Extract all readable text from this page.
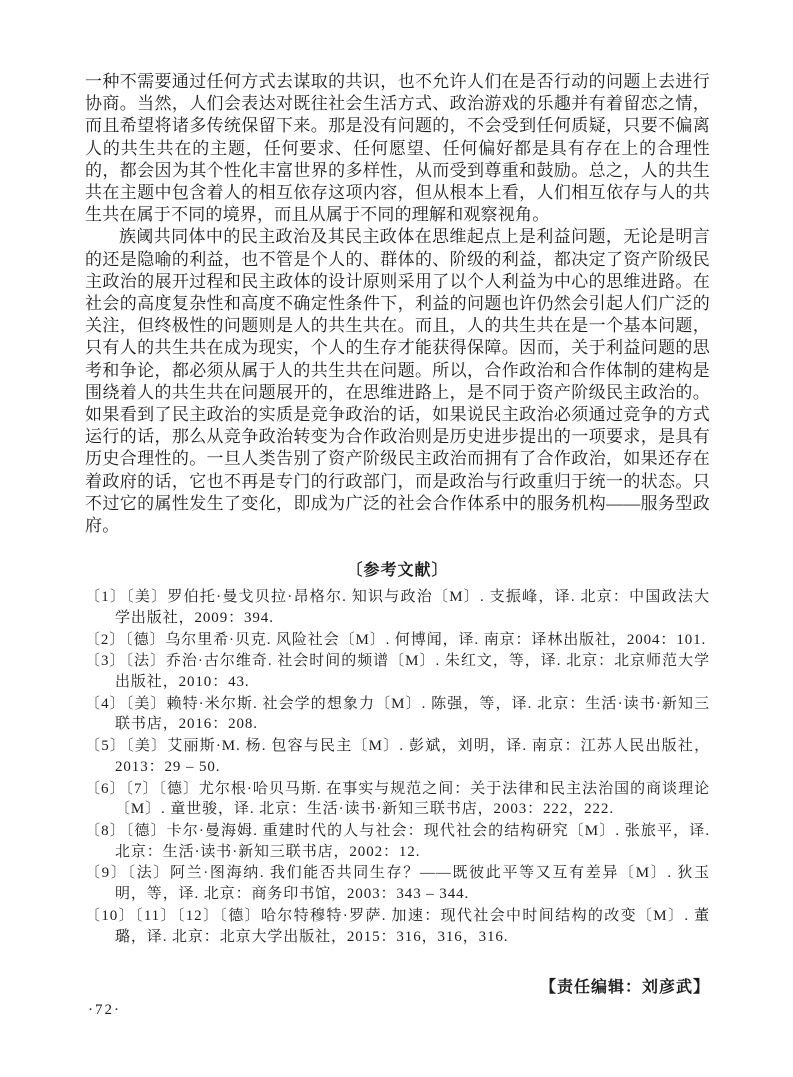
一种不需要通过任何方式去谋取的共识，也不允许人们在是否行动的问题上去进行协商。当然，人们会表达对既往社会生活方式、政治游戏的乐趣并有着留恋之情，而且希望将诸多传统保留下来。那是没有问题的，不会受到任何质疑，只要不偏离人的共生共在的主题，任何要求、任何愿望、任何偏好都是具有存在上的合理性的，都会因为其个性化丰富世界的多样性，从而受到尊重和鼓励。总之，人的共生共在主题中包含着人的相互依存这项内容，但从根本上看，人们相互依存与人的共生共在属于不同的境界，而且从属于不同的理解和观察视角。

族阈共同体中的民主政治及其民主政体在思维起点上是利益问题，无论是明言的还是隐喻的利益，也不管是个人的、群体的、阶级的利益，都决定了资产阶级民主政治的展开过程和民主政体的设计原则采用了以个人利益为中心的思维进路。在社会的高度复杂性和高度不确定性条件下，利益的问题也许仍然会引起人们广泛的关注，但终极性的问题则是人的共生共在。而且，人的共生共在是一个基本问题，只有人的共生共在成为现实，个人的生存才能获得保障。因而，关于利益问题的思考和争论，都必须从属于人的共生共在问题。所以，合作政治和合作体制的建构是围绕着人的共生共在问题展开的，在思维进路上，是不同于资产阶级民主政治的。如果看到了民主政治的实质是竞争政治的话，如果说民主政治必须通过竞争的方式运行的话，那么从竞争政治转变为合作政治则是历史进步提出的一项要求，是具有历史合理性的。一旦人类告别了资产阶级民主政治而拥有了合作政治，如果还存在着政府的话，它也不再是专门的行政部门，而是政治与行政重归于统一的状态。只不过它的属性发生了变化，即成为广泛的社会合作体系中的服务机构——服务型政府。

〔参考文献〕
〔1〕〔美〕罗伯托·曼戈贝拉·昂格尔. 知识与政治〔M〕. 支振峰，译. 北京：中国政法大学出版社，2009：394.
〔2〕〔德〕乌尔里希·贝克. 风险社会〔M〕. 何博闻，译. 南京：译林出版社，2004：101.
〔3〕〔法〕乔治·古尔维奇. 社会时间的频谱〔M〕. 朱红文，等，译. 北京：北京师范大学出版社，2010：43.
〔4〕〔美〕赖特·米尔斯. 社会学的想象力〔M〕. 陈强，等，译. 北京：生活·读书·新知三联书店，2016：208.
〔5〕〔美〕艾丽斯·M. 杨. 包容与民主〔M〕. 彭斌，刘明，译. 南京：江苏人民出版社，2013：29 – 50.
〔6〕〔7〕〔德〕尤尔根·哈贝马斯. 在事实与规范之间：关于法律和民主法治国的商谈理论〔M〕. 童世骏，译. 北京：生活·读书·新知三联书店，2003：222，222.
〔8〕〔德〕卡尔·曼海姆. 重建时代的人与社会：现代社会的结构研究〔M〕. 张旅平，译. 北京：生活·读书·新知三联书店，2002：12.
〔9〕〔法〕阿兰·图海纳. 我们能否共同生存？——既彼此平等又互有差异〔M〕. 狄玉明，等，译. 北京：商务印书馆，2003：343 – 344.
〔10〕〔11〕〔12〕〔德〕哈尔特穆特·罗萨. 加速：现代社会中时间结构的改变〔M〕. 董璐，译. 北京：北京大学出版社，2015：316，316，316.
【责任编辑：刘彦武】
·72·
